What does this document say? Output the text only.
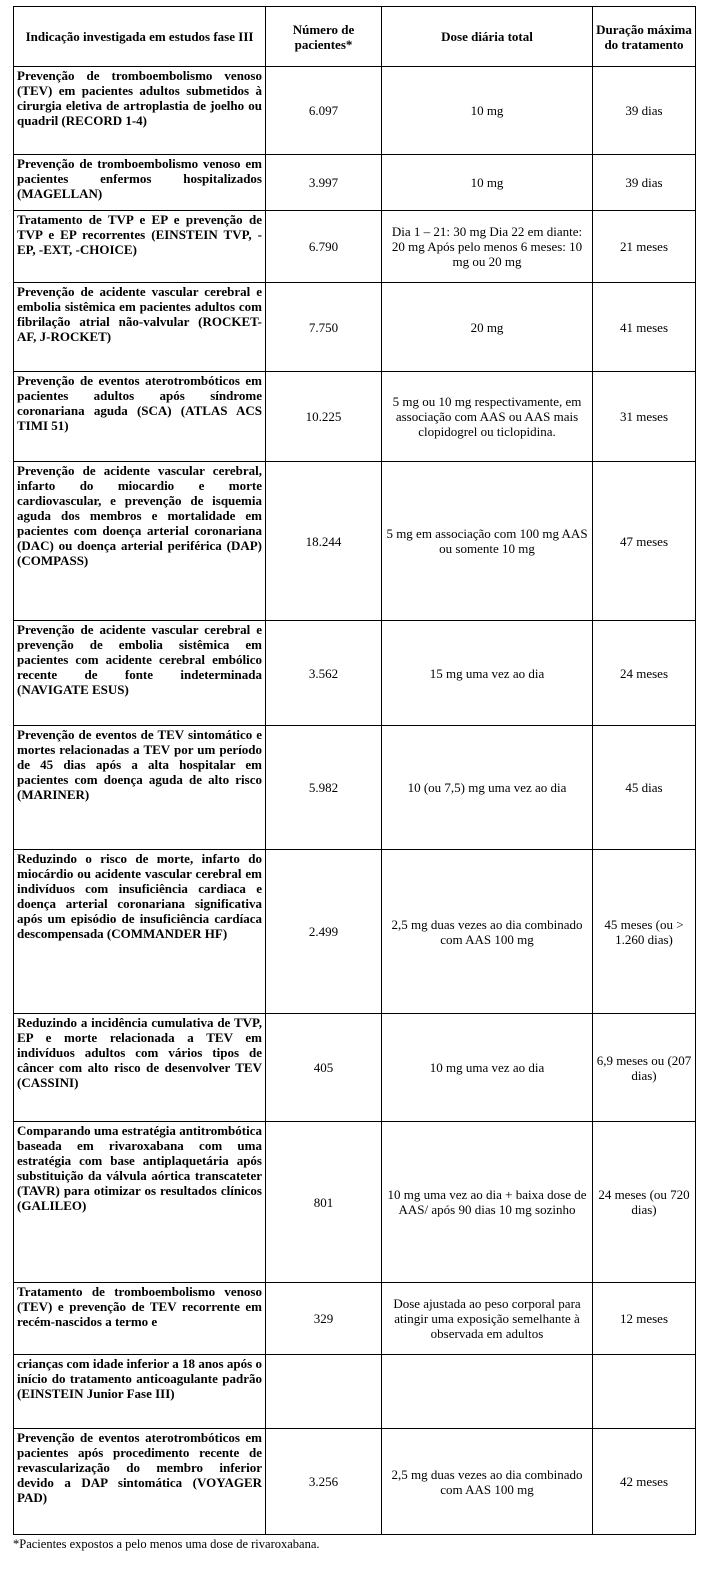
Indicação investigada em estudos fase III	Número de pacientes*	Dose diária total	Duração máxima do tratamento
Prevenção de tromboembolismo venoso (TEV) em pacientes adultos submetidos à cirurgia eletiva de artroplastia de joelho ou quadril (RECORD 1-4)	6.097	10 mg	39 dias
Prevenção de tromboembolismo venoso em pacientes enfermos hospitalizados (MAGELLAN)	3.997	10 mg	39 dias
Tratamento de TVP e EP e prevenção de TVP e EP recorrentes (EINSTEIN TVP, -EP, -EXT, -CHOICE)	6.790	Dia 1 – 21: 30 mg Dia 22 em diante: 20 mg Após pelo menos 6 meses: 10 mg ou 20 mg	21 meses
Prevenção de acidente vascular cerebral e embolia sistêmica em pacientes adultos com fibrilação atrial não-valvular (ROCKET-AF, J-ROCKET)	7.750	20 mg	41 meses
Prevenção de eventos aterotrombóticos em pacientes adultos após síndrome coronariana aguda (SCA) (ATLAS ACS TIMI 51)	10.225	5 mg ou 10 mg respectivamente, em associação com AAS ou AAS mais clopidogrel ou ticlopidina.	31 meses
Prevenção de acidente vascular cerebral, infarto do miocardio e morte cardiovascular, e prevenção de isquemia aguda dos membros e mortalidade em pacientes com doença arterial coronariana (DAC) ou doença arterial periférica (DAP) (COMPASS)	18.244	5 mg em associação com 100 mg AAS ou somente 10 mg	47 meses
Prevenção de acidente vascular cerebral e prevenção de embolia sistêmica em pacientes com acidente cerebral embólico recente de fonte indeterminada (NAVIGATE ESUS)	3.562	15 mg uma vez ao dia	24 meses
Prevenção de eventos de TEV sintomático e mortes relacionadas a TEV por um período de 45 dias após a alta hospitalar em pacientes com doença aguda de alto risco (MARINER)	5.982	10 (ou 7,5) mg uma vez ao dia	45 dias
Reduzindo o risco de morte, infarto do miocárdio ou acidente vascular cerebral em indivíduos com insuficiência cardiaca e doença arterial coronariana significativa após um episódio de insuficiência cardíaca descompensada (COMMANDER HF)	2.499	2,5 mg duas vezes ao dia combinado com AAS 100 mg	45 meses (ou > 1.260 dias)
Reduzindo a incidência cumulativa de TVP, EP e morte relacionada a TEV em indivíduos adultos com vários tipos de câncer com alto risco de desenvolver TEV (CASSINI)	405	10 mg uma vez ao dia	6,9 meses ou (207 dias)
Comparando uma estratégia antitrombótica baseada em rivaroxabana com uma estratégia com base antiplaquetária após substituição da válvula aórtica transcateter (TAVR) para otimizar os resultados clínicos (GALILEO)	801	10 mg uma vez ao dia + baixa dose de AAS/ após 90 dias 10 mg sozinho	24 meses (ou 720 dias)
Tratamento de tromboembolismo venoso (TEV) e prevenção de TEV recorrente em recém-nascidos a termo e	329	Dose ajustada ao peso corporal para atingir uma exposição semelhante à observada em adultos	12 meses
crianças com idade inferior a 18 anos após o início do tratamento anticoagulante padrão (EINSTEIN Junior Fase III)			
Prevenção de eventos aterotrombóticos em pacientes após procedimento recente de revascularização do membro inferior devido a DAP sintomática (VOYAGER PAD)	3.256	2,5 mg duas vezes ao dia combinado com AAS 100 mg	42 meses
*Pacientes expostos a pelo menos uma dose de rivaroxabana.
